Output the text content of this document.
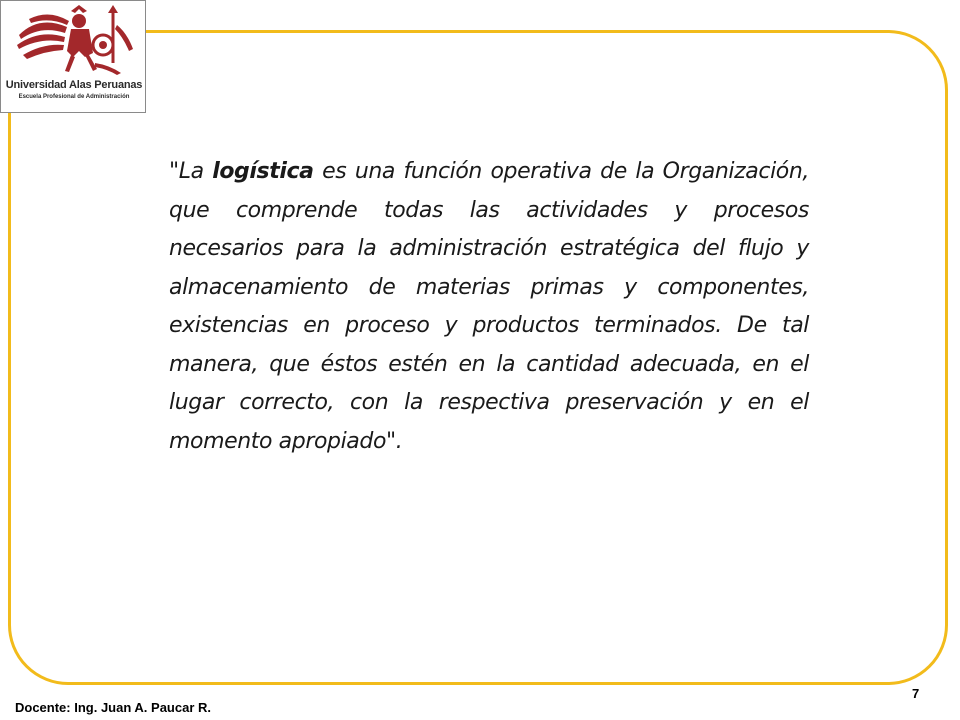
Universidad Alas Peruanas
Escuela Profesional de Administración

"La logística es una función operativa de la Organización, que comprende todas las actividades y procesos necesarios para la administración estratégica del flujo y almacenamiento de materias primas y componentes, existencias en proceso y productos terminados. De tal manera, que éstos estén en la cantidad adecuada, en el lugar correcto, con la respectiva preservación y en el momento apropiado".

Docente: Ing. Juan A. Paucar R.
7
